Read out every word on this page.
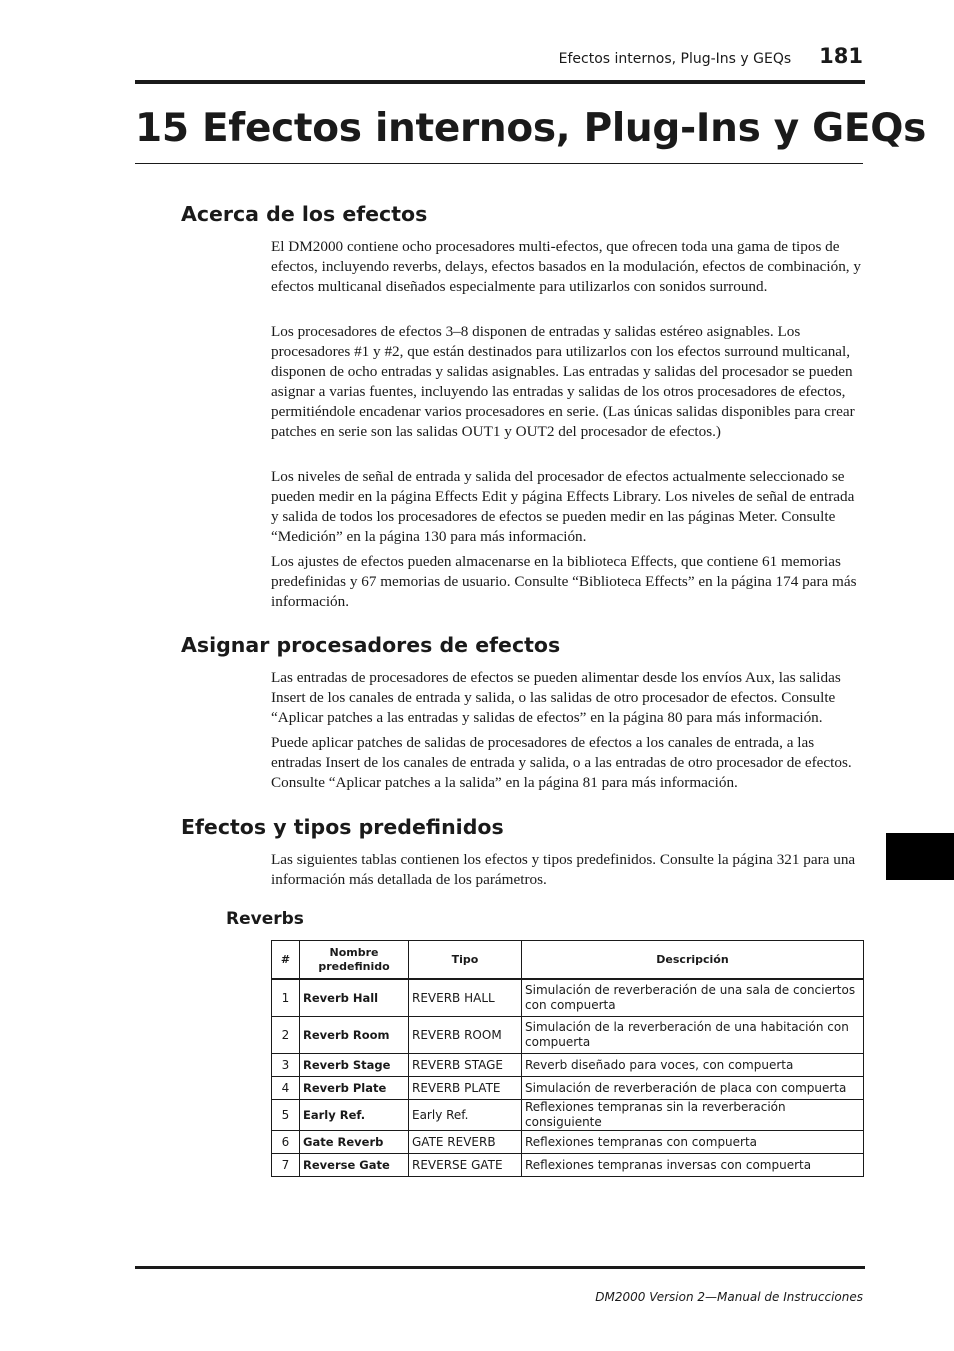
Efectos internos, Plug-Ins y GEQs 181
15 Efectos internos, Plug-Ins y GEQs
Acerca de los efectos

El DM2000 contiene ocho procesadores multi-efectos, que ofrecen toda una gama de tipos de efectos, incluyendo reverbs, delays, efectos basados en la modulación, efectos de combinación, y efectos multicanal diseñados especialmente para utilizarlos con sonidos surround.

Los procesadores de efectos 3–8 disponen de entradas y salidas estéreo asignables. Los procesadores #1 y #2, que están destinados para utilizarlos con los efectos surround multicanal, disponen de ocho entradas y salidas asignables. Las entradas y salidas del procesador se pueden asignar a varias fuentes, incluyendo las entradas y salidas de los otros procesadores de efectos, permitiéndole encadenar varios procesadores en serie. (Las únicas salidas disponibles para crear patches en serie son las salidas OUT1 y OUT2 del procesador de efectos.)

Los niveles de señal de entrada y salida del procesador de efectos actualmente seleccionado se pueden medir en la página Effects Edit y página Effects Library. Los niveles de señal de entrada y salida de todos los procesadores de efectos se pueden medir en las páginas Meter. Consulte “Medición” en la página 130 para más información.

Los ajustes de efectos pueden almacenarse en la biblioteca Effects, que contiene 61 memorias predefinidas y 67 memorias de usuario. Consulte “Biblioteca Effects” en la página 174 para más información.

Asignar procesadores de efectos

Las entradas de procesadores de efectos se pueden alimentar desde los envíos Aux, las salidas Insert de los canales de entrada y salida, o las salidas de otro procesador de efectos. Consulte “Aplicar patches a las entradas y salidas de efectos” en la página 80 para más información.

Puede aplicar patches de salidas de procesadores de efectos a los canales de entrada, a las entradas Insert de los canales de entrada y salida, o a las entradas de otro procesador de efectos. Consulte “Aplicar patches a la salida” en la página 81 para más información.

Efectos y tipos predefinidos

Las siguientes tablas contienen los efectos y tipos predefinidos. Consulte la página 321 para una información más detallada de los parámetros.

Reverbs
#	Nombre predefinido	Tipo	Descripción
1	Reverb Hall	REVERB HALL	Simulación de reverberación de una sala de conciertos con compuerta
2	Reverb Room	REVERB ROOM	Simulación de la reverberación de una habitación con compuerta
3	Reverb Stage	REVERB STAGE	Reverb diseñado para voces, con compuerta
4	Reverb Plate	REVERB PLATE	Simulación de reverberación de placa con compuerta
5	Early Ref.	Early Ref.	Reflexiones tempranas sin la reverberación consiguiente
6	Gate Reverb	GATE REVERB	Reflexiones tempranas con compuerta
7	Reverse Gate	REVERSE GATE	Reflexiones tempranas inversas con compuerta

DM2000 Version 2—Manual de Instrucciones
